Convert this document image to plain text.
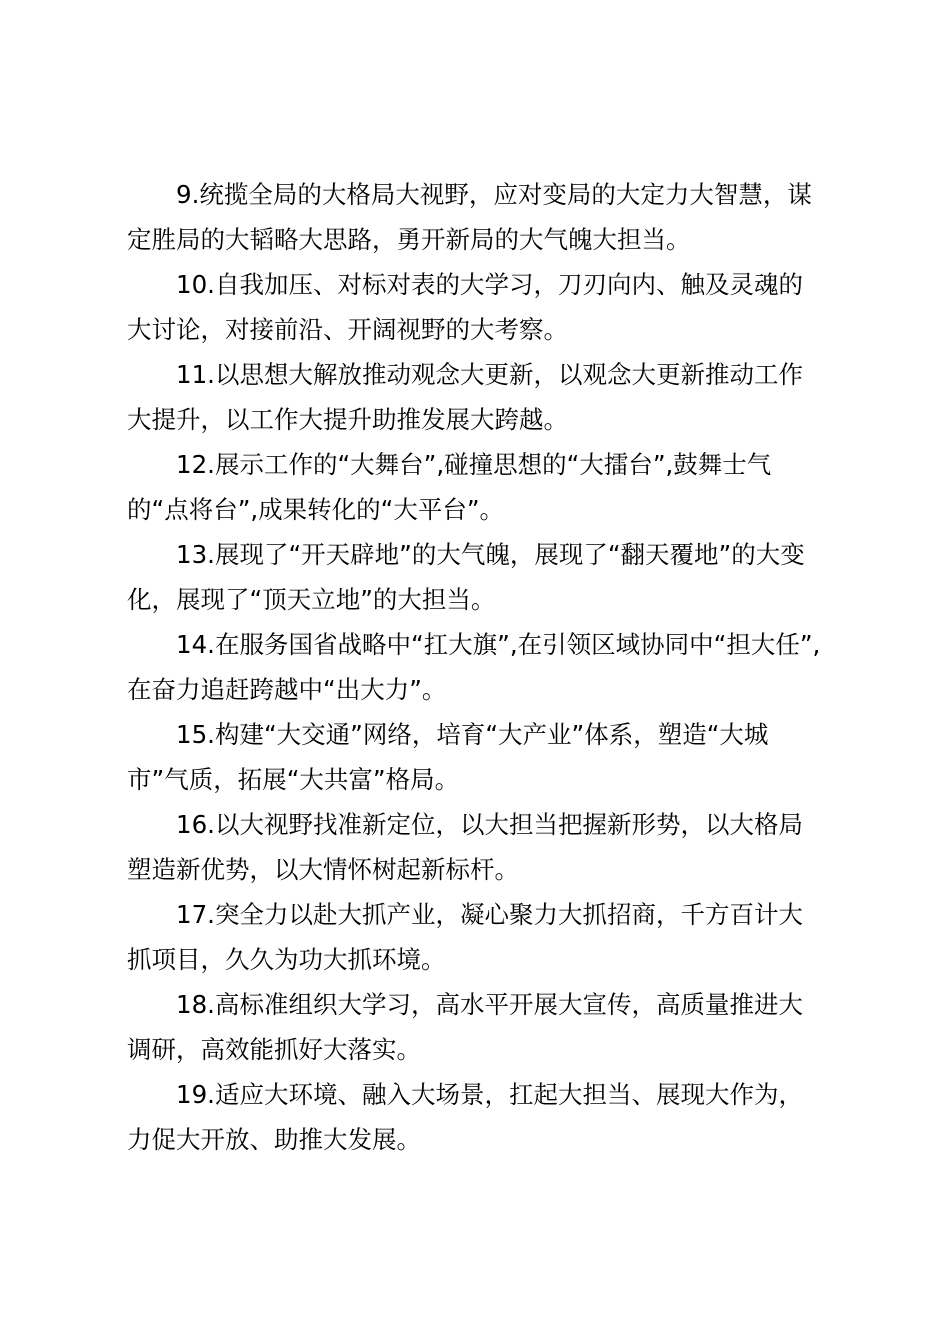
9.统揽全局的大格局大视野，应对变局的大定力大智慧，谋
定胜局的大韬略大思路，勇开新局的大气魄大担当。

10.自我加压、对标对表的大学习，刀刃向内、触及灵魂的
大讨论，对接前沿、开阔视野的大考察。

11.以思想大解放推动观念大更新，以观念大更新推动工作
大提升，以工作大提升助推发展大跨越。

12.展示工作的“大舞台”,碰撞思想的“大擂台”,鼓舞士气
的“点将台”,成果转化的“大平台”。

13.展现了“开天辟地”的大气魄，展现了“翻天覆地”的大变
化，展现了“顶天立地”的大担当。

14.在服务国省战略中“扛大旗”,在引领区域协同中“担大任”,
在奋力追赶跨越中“出大力”。

15.构建“大交通”网络，培育“大产业”体系，塑造“大城
市”气质，拓展“大共富”格局。

16.以大视野找准新定位，以大担当把握新形势，以大格局
塑造新优势，以大情怀树起新标杆。

17.突全力以赴大抓产业，凝心聚力大抓招商，千方百计大
抓项目，久久为功大抓环境。

18.高标准组织大学习，高水平开展大宣传，高质量推进大
调研，高效能抓好大落实。

19.适应大环境、融入大场景，扛起大担当、展现大作为，
力促大开放、助推大发展。
